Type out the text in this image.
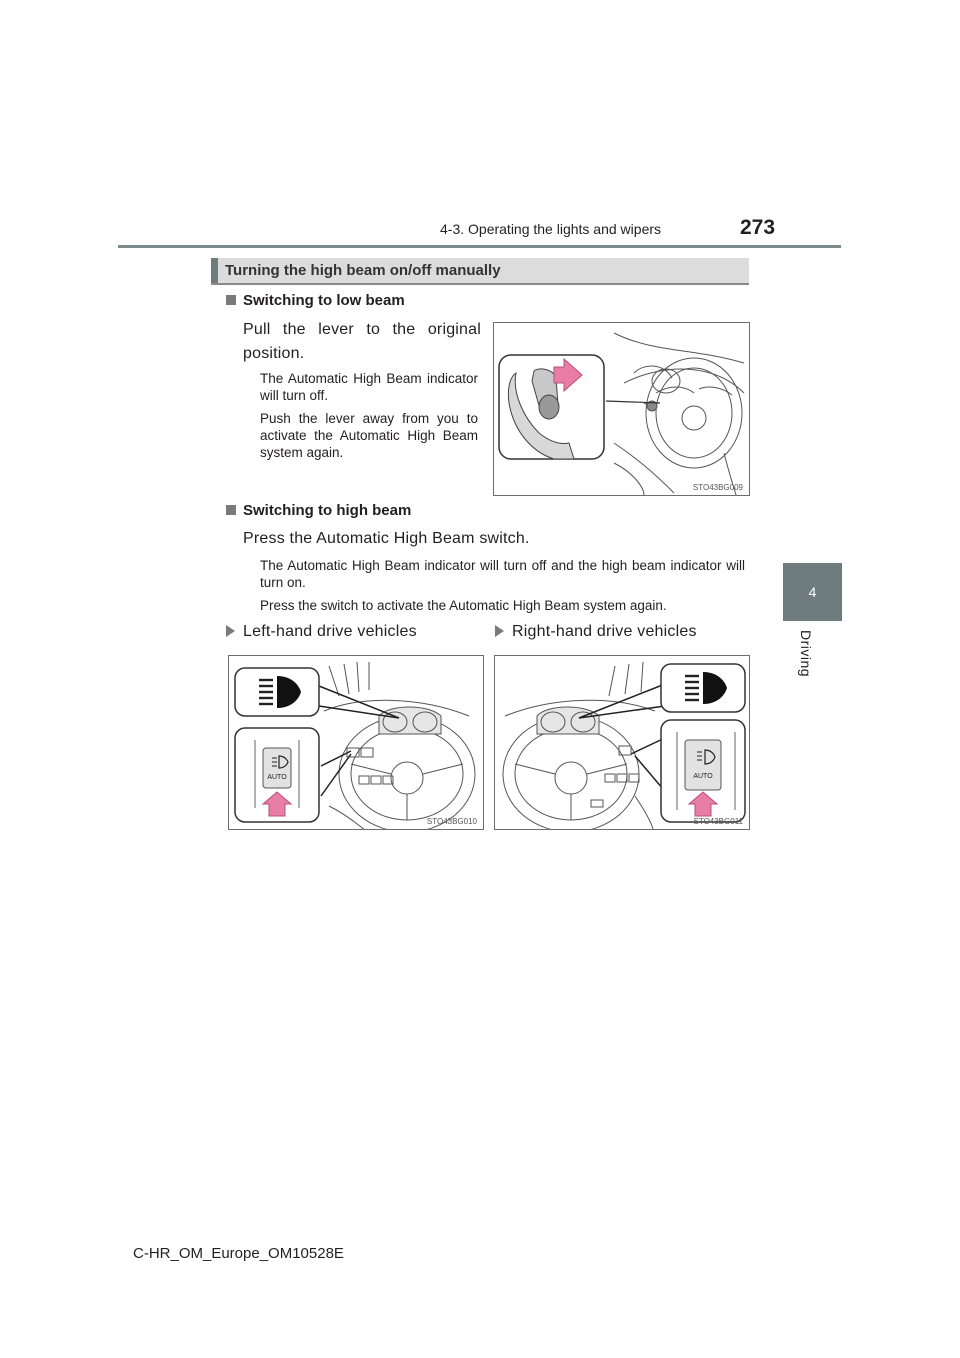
4-3. Operating the lights and wipers	273
4
Driving
Turning the high beam on/off manually
Switching to low beam
Pull the lever to the original position.
The Automatic High Beam indicator will turn off.
Push the lever away from you to activate the Automatic High Beam system again.
STO43BG009
Switching to high beam
Press the Automatic High Beam switch.
The Automatic High Beam indicator will turn off and the high beam indicator will turn on.
Press the switch to activate the Automatic High Beam system again.
Left-hand drive vehicles	Right-hand drive vehicles
AUTO
STO43BG010
AUTO
STO43BG011
C-HR_OM_Europe_OM10528E
